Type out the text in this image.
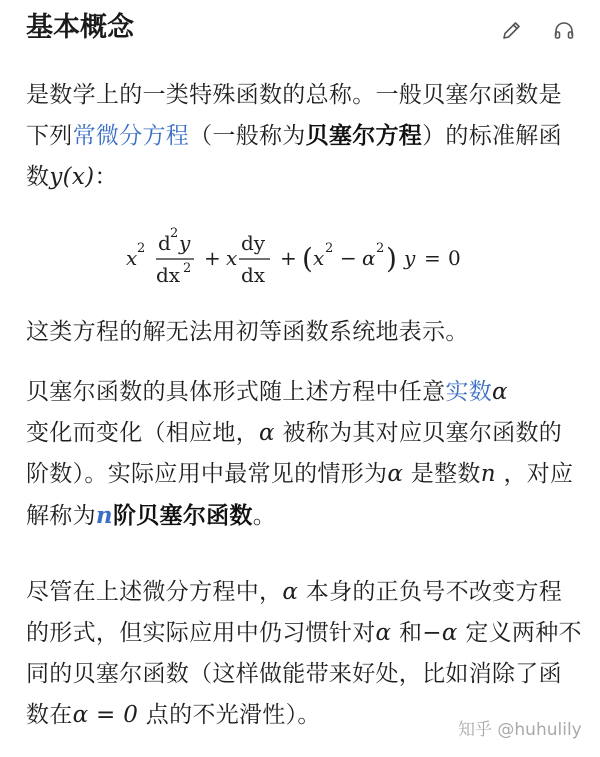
基本概念

是数学上的一类特殊函数的总称。一般贝塞尔函数是下列常微分方程（一般称为贝塞尔方程）的标准解函数y(x)：

x 2 d 2 y
dx 2 + x
dy
dx
+ ( x 2 − α 2 ) y = 0

这类方程的解无法用初等函数系统地表示。

贝塞尔函数的具体形式随上述方程中任意实数α
变化而变化（相应地，α 被称为其对应贝塞尔函数的阶数）。实际应用中最常见的情形为α 是整数n ，对应解称为n阶贝塞尔函数。

尽管在上述微分方程中，α 本身的正负号不改变方程的形式，但实际应用中仍习惯针对α 和−α 定义两种不同的贝塞尔函数（这样做能带来好处，比如消除了函数在α = 0 点的不光滑性）。

知乎 @huhulily
